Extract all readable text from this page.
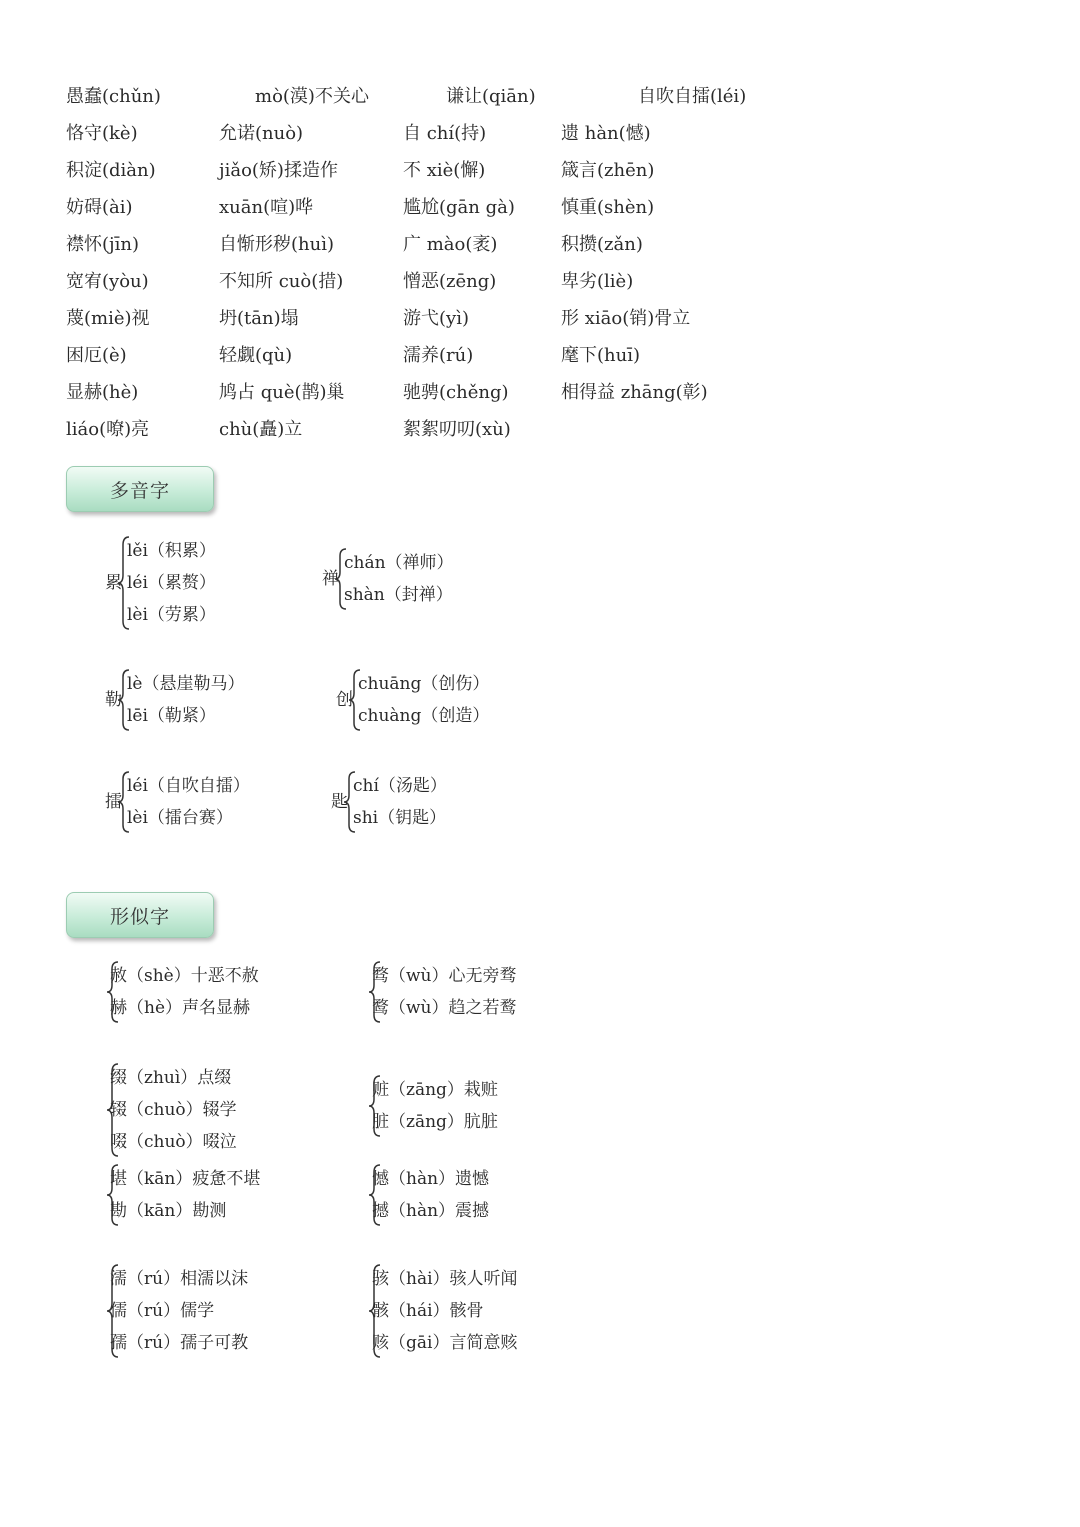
愚蠢(chǔn)	mò(漠)不关心	谦让(qiān)	自吹自擂(léi)
恪守(kè)	允诺(nuò)	自 chí(持)	遗 hàn(憾)
积淀(diàn)	jiǎo(矫)揉造作	不 xiè(懈)	箴言(zhēn)
妨碍(ài)	xuān(喧)哗	尴尬(gān gà)	慎重(shèn)
襟怀(jīn)	自惭形秽(huì)	广 mào(袤)	积攒(zǎn)
宽宥(yòu)	不知所 cuò(措)	憎恶(zēng)	卑劣(liè)
蔑(miè)视	坍(tān)塌	游弋(yì)	形 xiāo(销)骨立
困厄(è)	轻觑(qù)	濡养(rú)	麾下(huī)
显赫(hè)	鸠占 què(鹊)巢	驰骋(chěng)	相得益 zhāng(彰)
liáo(嘹)亮	chù(矗)立	絮絮叨叨(xù)
多音字
累
lěi（积累）
léi（累赘）
lèi（劳累）
禅
chán（禅师）
shàn（封禅）
勒
lè（悬崖勒马）
lēi（勒紧）
创
chuāng（创伤）
chuàng（创造）
擂
léi（自吹自擂）
lèi（擂台赛）
匙
chí（汤匙）
shi（钥匙）
形似字
赦（shè）十恶不赦
赫（hè）声名显赫
骛（wù）心无旁骛
鹜（wù）趋之若鹜
缀（zhuì）点缀
辍（chuò）辍学
啜（chuò）啜泣
赃（zāng）栽赃
脏（zāng）肮脏
堪（kān）疲惫不堪
勘（kān）勘测
憾（hàn）遗憾
撼（hàn）震撼
濡（rú）相濡以沫
儒（rú）儒学
孺（rú）孺子可教
骇（hài）骇人听闻
骸（hái）骸骨
赅（gāi）言简意赅
